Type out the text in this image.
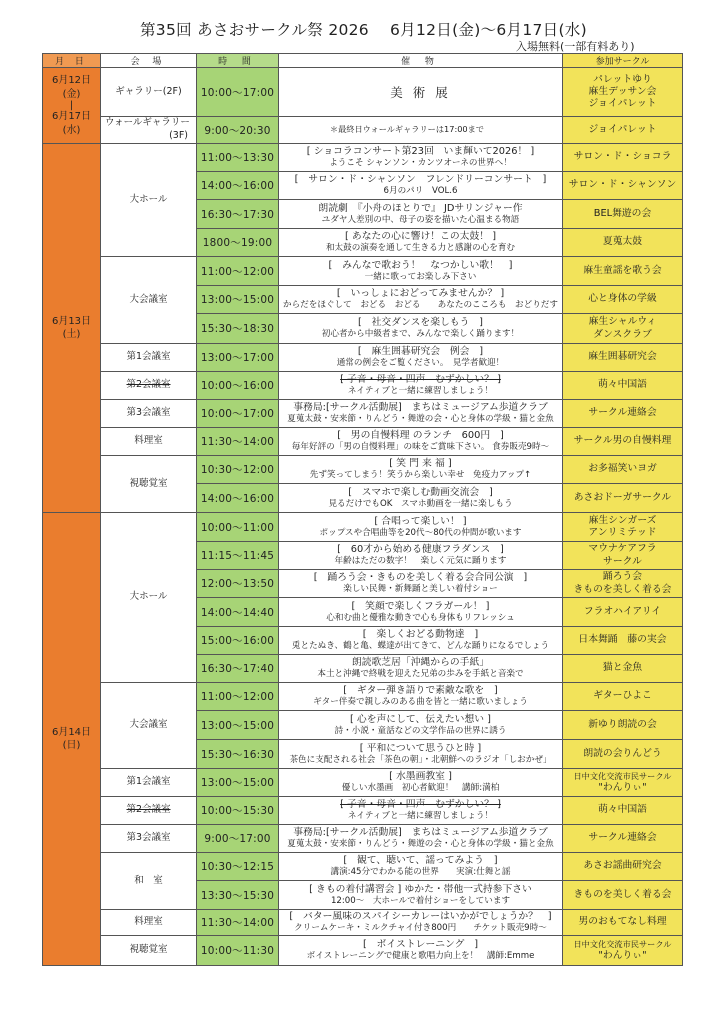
第35回 あさおサークル祭 2026　 6月12日(金)～6月17日(水)
入場無料(一部有料あり)
月 日	会 場	時 間	催 物	参加サークル
6月12日
(金)
|
6月17日
(水)	ギャラリー(2F)	10:00～17:00	美 術 展	パレットゆり
麻生デッサン会
ジョイパレット

	ウォールギャラリー
(3F)	9:00～20:30	＊最終日ウォールギャラリーは17:00まで	ジョイパレット

6月13日
(土)	大ホール	11:00～13:30	[ ショコラコンサート第23回　いま輝いて2026！ ]
ようこそ シャンソン・カンツオーネの世界へ！	サロン・ド・ショコラ

		14:00～16:00	[　サロン・ド・シャンソン　フレンドリーコンサート　]
6月のパリ　VOL.6	サロン・ド・シャンソン

		16:30～17:30	朗読劇　『小舟のほとりで』 JDサリンジャー作
ユダヤ人差別の中、母子の姿を描いた心温まる物語	BEL舞遊の会

		1800～19:00	[ あなたの心に響け！この太鼓！ ]
和太鼓の演奏を通して生きる力と感謝の心を育む	夏蒐太鼓

	大会議室	11:00～12:00	[　みんなで歌おう！　なつかしい歌！　]
一緒に歌ってお楽しみ下さい	麻生童謡を歌う会

		13:00～15:00	[　いっしょにおどってみませんか？ ]
からだをほぐして　おどる　おどる　　あなたのこころも　おどりだす	心と身体の学級

		15:30～18:30	[　社交ダンスを楽しもう　]
初心者から中級者まで、みんなで楽しく踊ります！	麻生シャルウィ
ダンスクラブ

	第1会議室	13:00～17:00	[　麻生囲碁研究会　例会　]
通常の例会をご覧ください。　見学者歓迎！	麻生囲碁研究会

	第2会議室	10:00～16:00	[ 子音・母音・四声　むずかしい？ ]
ネイティブと一緒に練習しましょう！	萌々中国語

	第3会議室	10:00～17:00	事務局:[サークル活動展]　まちはミュージアム歩道クラブ
夏蒐太鼓・安来節・りんどう・舞遊の会・心と身体の学級・猫と金魚	サークル連絡会

	料理室	11:30～14:00	[　男の自慢料理 のランチ　600円　]
毎年好評の「男の自慢料理」の味をご賞味下さい。 食券販売9時～	サークル男の自慢料理

	視聴覚室	10:30～12:00	[ 笑 門 来 福 ]
先ず笑ってしまう！笑うから楽しい幸せ　免疫力アップ↑	お多福笑いヨガ

		14:00～16:00	[　スマホで楽しむ動画交流会　]
見るだけでもOK　スマホ動画を一緒に楽しもう	あさおドーガサークル

6月14日
(日)	大ホール	10:00～11:00	[ 合唱って楽しい！ ]
ポップスや合唱曲等を20代～80代の仲間が歌います	麻生シンガーズ
アンリミテッド

		11:15～11:45	[　60才から始める健康フラダンス　]
年齢はただの数字！　楽しく元気に踊ります	マウナケアフラ
サークル

		12:00～13:50	[　踊ろう会・きものを美しく着る会合同公演　]
楽しい民舞・新舞踊と美しい着付ショー	踊ろう会
きものを美しく着る会

		14:00～14:40	[　笑顔で楽しくフラガール！ ]
心和む曲と優雅な動きで心も身体もリフレッシュ	フラオハイアリイ

		15:00～16:00	[　楽しくおどる動物達　]
兎とたぬき、鶴と亀、蝶達が出てきて、どんな踊りになるでしょう	日本舞踊　藤の実会

		16:30～17:40	朗読歌芝居「沖縄からの手紙」
本土と沖縄で終戦を迎えた兄弟の歩みを手紙と音楽で	猫と金魚

	大会議室	11:00～12:00	[　ギター弾き語りで素敵な歌を　]
ギター伴奏で親しみのある曲を皆と一緒に歌いましょう	ギターひよこ

		13:00～15:00	[ 心を声にして、伝えたい想い ]
詩・小説・童話などの文学作品の世界に誘う	新ゆり朗読の会

		15:30～16:30	[ 平和について思うひと時 ]
茶色に支配される社会「茶色の朝」・北朝鮮へのラジオ「しおかぜ」	朗読の会りんどう

	第1会議室	13:00～15:00	[ 水墨画教室 ]
優しい水墨画　初心者歓迎！　講師:満柏	日中文化交流市民サークル
"わんりぃ"

	第2会議室	10:00～15:30	[ 子音・母音・四声　むずかしい？ ]
ネイティブと一緒に練習しましょう！	萌々中国語

	第3会議室	9:00～17:00	事務局:[サークル活動展]　まちはミュージアム歩道クラブ
夏蒐太鼓・安来節・りんどう・舞遊の会・心と身体の学級・猫と金魚	サークル連絡会

	和　室	10:30～12:15	[　観て、聴いて、謡ってみよう　]
講演:45分でわかる能の世界　　実演:仕舞と謡	あさお謡曲研究会

		13:30～15:30	[ きもの着付講習会 ] ゆかた・帯他一式持参下さい
12:00～　大ホールで着付ショーをしています	きものを美しく着る会

	料理室	11:30～14:00	[　バター風味のスパイシーカレーはいかがでしょうか？　]
クリームケーキ・ミルクチャイ付き800円　　チケット販売9時～	男のおもてなし料理

	視聴覚室	10:00～11:30	[　ボイストレーニング　]
ボイストレーニングで健康と歌唱力向上を！　講師:Emme	日中文化交流市民サークル
"わんりぃ"
